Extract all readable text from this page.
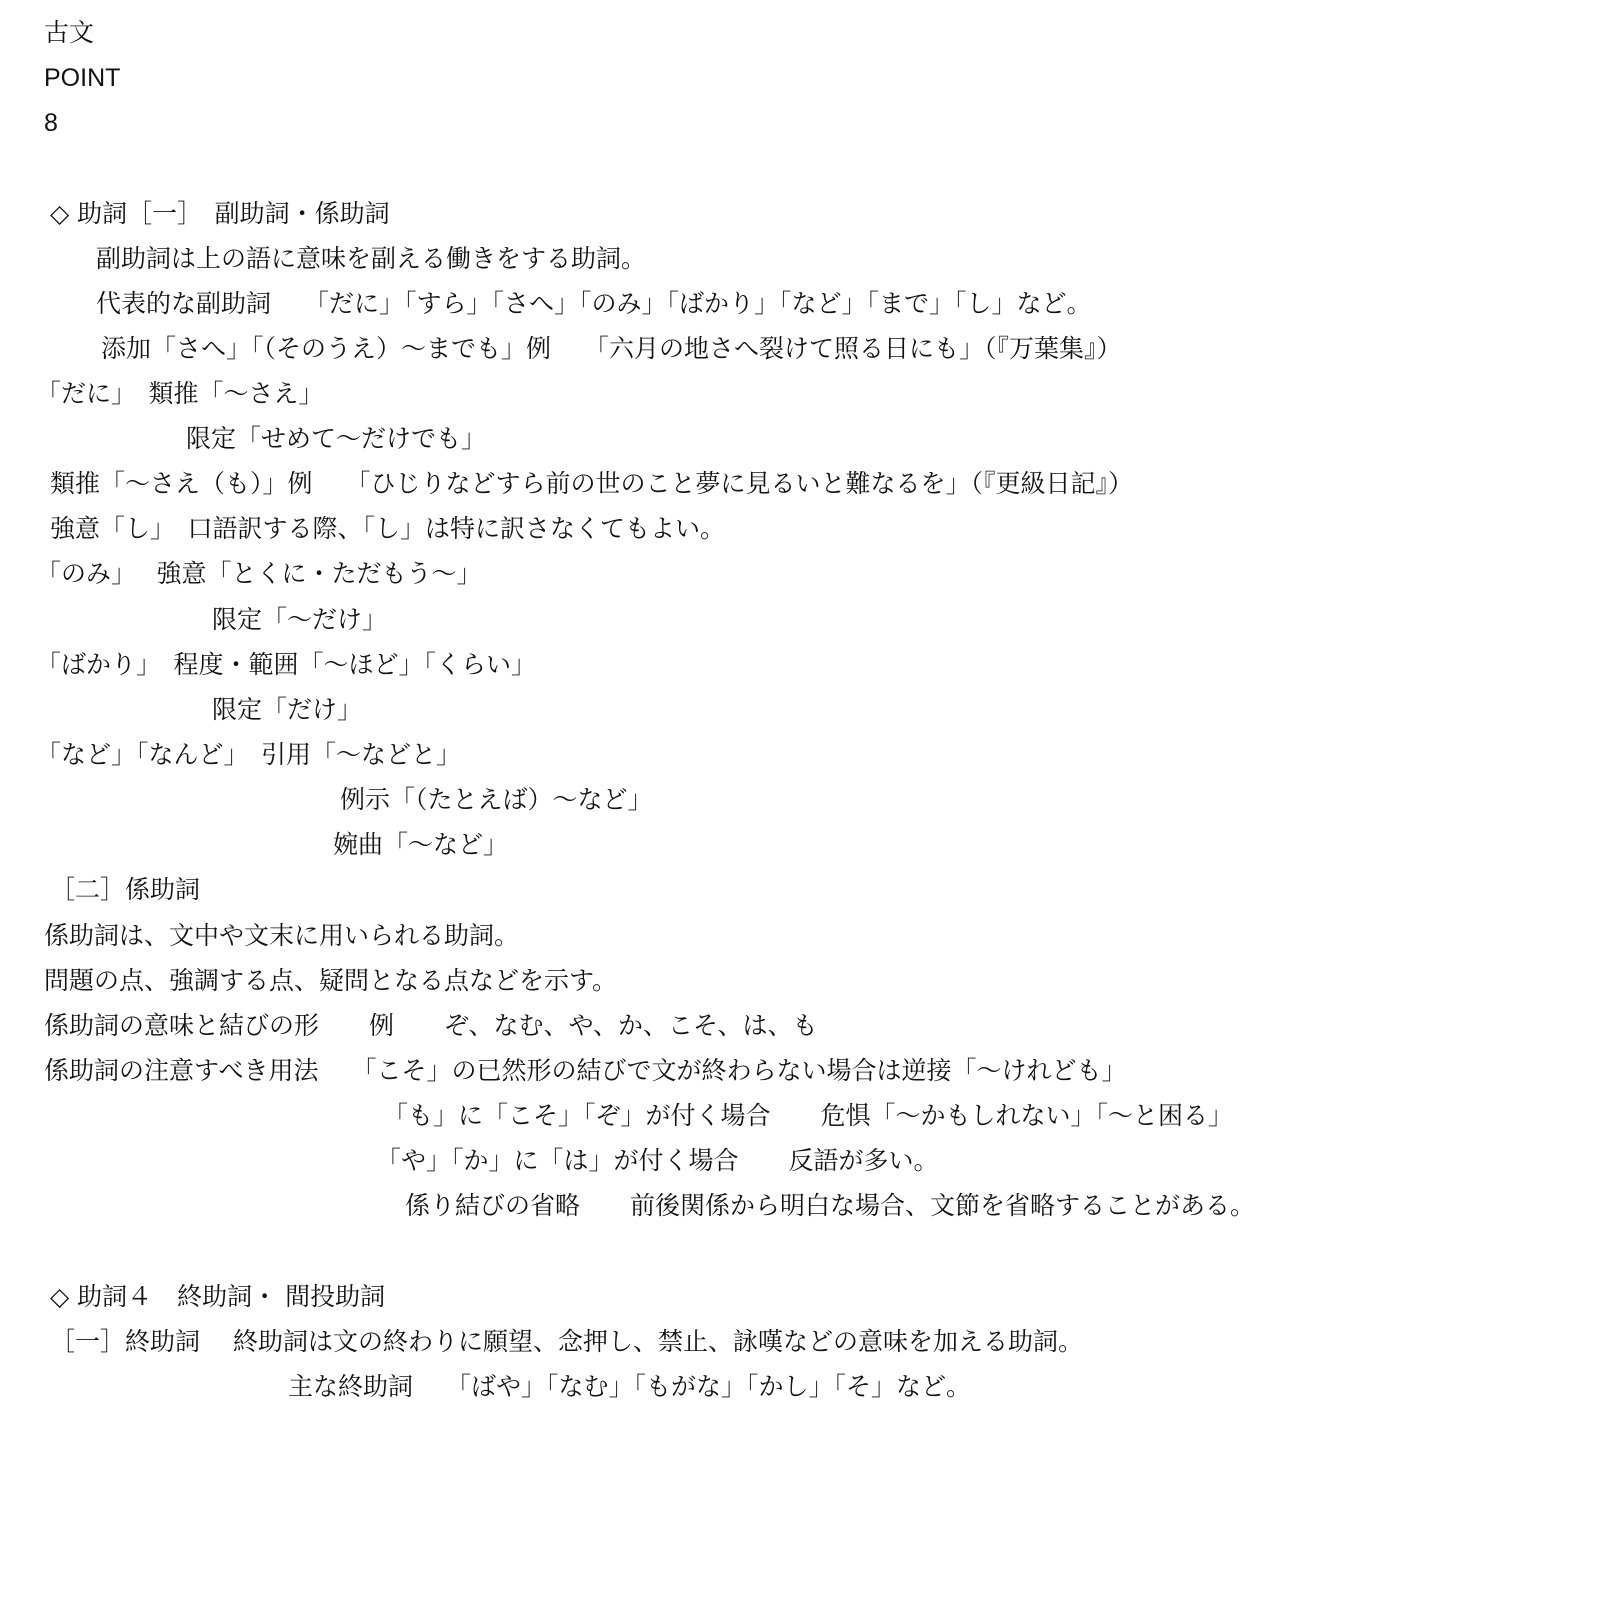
古文
POINT
8
◇ 助詞［一］　副助詞・係助詞
副助詞は上の語に意味を副える働きをする助詞。
代表的な副助詞　 「だに」「すら」「さへ」「のみ」「ばかり」「など」「まで」「し」など。
添加「さへ」「（そのうえ）～までも」例　 「六月の地さへ裂けて照る日にも」（『万葉集』）
「だに」　類推「～さえ」
限定「せめて～だけでも」
類推「～さえ（も）」例　 「ひじりなどすら前の世のこと夢に見るいと難なるを」（『更級日記』）
強意「し」　口語訳する際、「し」は特に訳さなくてもよい。
「のみ」　 強意「とくに・ただもう～」
限定「～だけ」
「ばかり」　程度・範囲「～ほど」「くらい」
限定「だけ」
「など」「なんど」　引用「～などと」
例示「（たとえば）～など」
婉曲「～など」
［二］係助詞
係助詞は、文中や文末に用いられる助詞。
問題の点、強調する点、疑問となる点などを示す。
係助詞の意味と結びの形　　例　　ぞ、なむ、や、か、こそ、は、も
係助詞の注意すべき用法　 「こそ」の已然形の結びで文が終わらない場合は逆接「～けれども」
「も」に「こそ」「ぞ」が付く場合　　危惧「～かもしれない」「～と困る」
「や」「か」に「は」が付く場合　　反語が多い。
係り結びの省略　　前後関係から明白な場合、文節を省略することがある。
◇ 助詞４　終助詞・ 間投助詞
［一］終助詞　 終助詞は文の終わりに願望、念押し、禁止、詠嘆などの意味を加える助詞。
主な終助詞　 「ばや」「なむ」「もがな」「かし」「そ」など。
